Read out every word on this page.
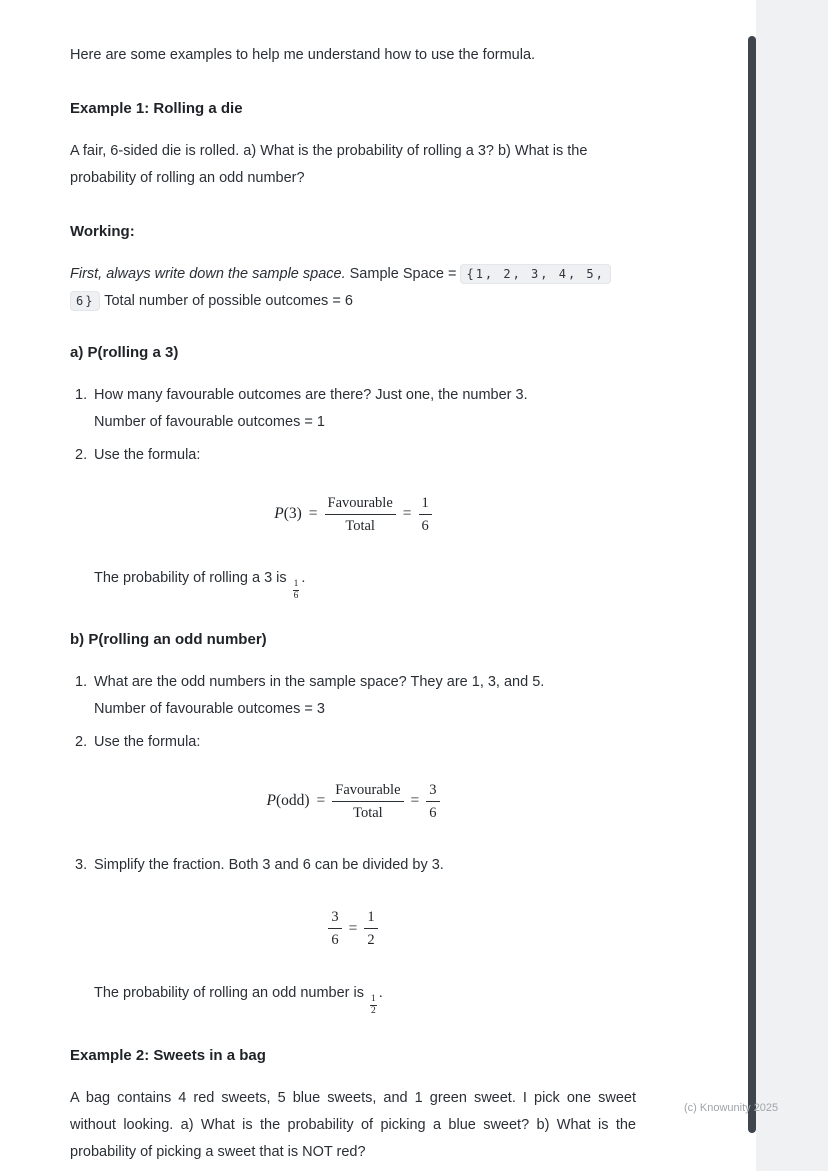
Here are some examples to help me understand how to use the formula.

Example 1: Rolling a die

A fair, 6-sided die is rolled. a) What is the probability of rolling a 3? b) What is the probability of rolling an odd number?

Working:

First, always write down the sample space. Sample Space = {1, 2, 3, 4, 5, 6} Total number of possible outcomes = 6

a) P(rolling a 3)
1. How many favourable outcomes are there? Just one, the number 3.
Number of favourable outcomes = 1
2. Use the formula:
$P(3) = \frac{\text{Favourable}}{\text{Total}} = \frac{1}{6}$

The probability of rolling a 3 is
$\frac{1}{6}$
.

b) P(rolling an odd number)
1. What are the odd numbers in the sample space? They are 1, 3, and 5.
Number of favourable outcomes = 3
2. Use the formula:
$P(odd) = \frac{\text{Favourable}}{\text{Total}} = \frac{3}{6}$
3. Simplify the fraction. Both 3 and 6 can be divided by 3.
$\frac{3}{6} = \frac{1}{2}$

The probability of rolling an odd number is
$\frac{1}{2}$
.

Example 2: Sweets in a bag

A bag contains 4 red sweets, 5 blue sweets, and 1 green sweet. I pick one sweet without looking. a) What is the probability of picking a blue sweet? b) What is the probability of picking a sweet that is NOT red?

(c) Knowunity 2025
